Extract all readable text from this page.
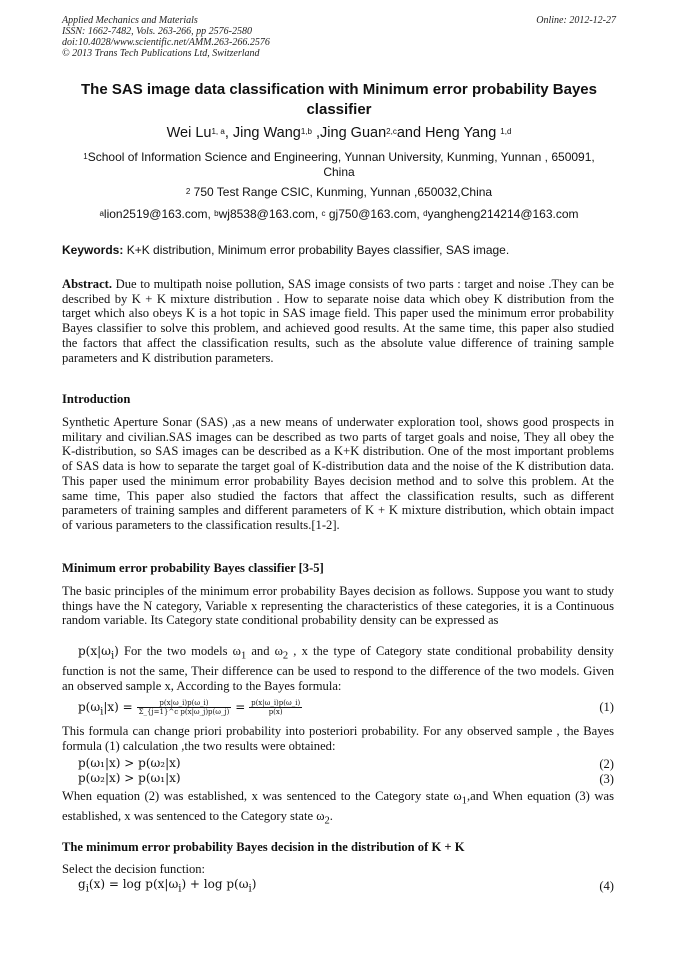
Applied Mechanics and Materials
ISSN: 1662-7482, Vols. 263-266, pp 2576-2580
doi:10.4028/www.scientific.net/AMM.263-266.2576
© 2013 Trans Tech Publications Ltd, Switzerland
Online: 2012-12-27
The SAS image data classification with Minimum error probability Bayes
classifier
Wei Lu$^{1, a}$, Jing Wang$^{1,b}$ ,Jing Guan$^{2,c}$and Heng Yang $^{1,d}$
$^1$School of Information Science and Engineering, Yunnan University, Kunming, Yunnan , 650091,
China
$^2$ 750 Test Range CSIC, Kunming, Yunnan ,650032,China
$^a$lion2519@163.com, $^b$wj8538@163.com, $^c$ gj750@163.com, $^d$yangheng214214@163.com
Keywords: K+K distribution, Minimum error probability Bayes classifier, SAS image.
Abstract. Due to multipath noise pollution, SAS image consists of two parts : target and noise .They can be described by K + K mixture distribution . How to separate noise data which obey K distribution from the target which also obeys K is a hot topic in SAS image field. This paper used the minimum error probability Bayes classifier to solve this problem, and achieved good results. At the same time, this paper also studied the factors that affect the classification results, such as the absolute value difference of training sample parameters and K distribution parameters.
Introduction
Synthetic Aperture Sonar (SAS) ,as a new means of underwater exploration tool, shows good prospects in military and civilian.SAS images can be described as two parts of target goals and noise, They all obey the K-distribution, so SAS images can be described as a K+K distribution. One of the most important problems of SAS data is how to separate the target goal of K-distribution data and the noise of the K distribution data. This paper used the minimum error probability Bayes decision method and to solve this problem. At the same time, This paper also studied the factors that affect the classification results, such as different parameters of training samples and different parameters of K + K mixture distribution, which obtain impact of various parameters to the classification results.[1-2].
Minimum error probability Bayes classifier [3-5]
The basic principles of the minimum error probability Bayes decision as follows. Suppose you want to study things have the N category, Variable x representing the characteristics of these categories, it is a Continuous random variable. Its Category state conditional probability density can be expressed as
$p(x|\omega_i)$ For the two models $\omega_1$ and $\omega_2$ , x the type of Category state conditional probability density function is not the same, Their difference can be used to respond to the difference of the two models. Given an observed sample x, According to the Bayes formula:
$p(\omega_i|x) = \frac{p(x|\omega\_i)p(\omega\_i)}{\text{Σ\_\{j=1\}\textasciicircum{}c p(x|ω\_j)p(ω\_j)}} = \frac{p(x|\omega\_i)p(\omega\_i)}{p(x)}$	(1)
This formula can change priori probability into posteriori probability. For any observed sample , the Bayes formula (1) calculation ,the two results were obtained:
p(ω₁|x) > p(ω₂|x)	(2)
p(ω₂|x) > p(ω₁|x)	(3)
When equation (2) was established, x was sentenced to the Category state $\omega_1,and$ When equation (3) was established, x was sentenced to the Category state $\omega_2$.
The minimum error probability Bayes decision in the distribution of K + K
Select the decision function:
$g_i(x) = \log p(x|\omega_i) + \log p(\omega_i)$	(4)
